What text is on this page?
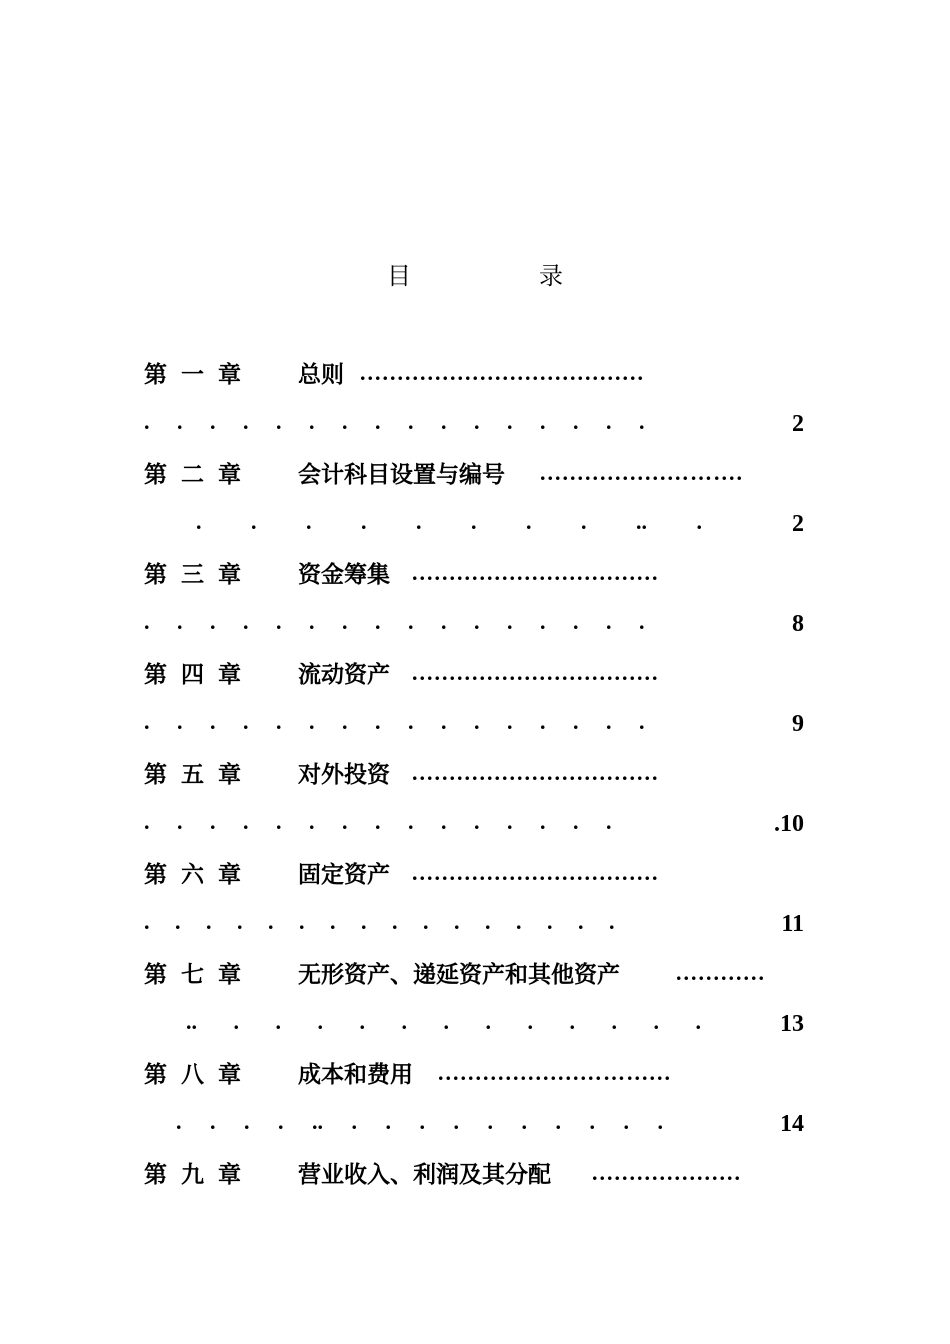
目	录
第一章 总则 ......................................
. . . . . . . . . . . . . . . .	2
第二章 会计科目设置与编号 ....................…....
. . . . . . . . .. .	2
第三章 资金筹集 .................................
. . . . . . . . . . . . . . . .	8
第四章 流动资产 .................................
. . . . . . . . . . . . . . . .	9
第五章 对外投资 .................................
. . . . . . . . . . . . . . .	.10
第六章 固定资产 .................................
. . . . . . . . . . . . . . . .	11
第七章 无形资产、递延资产和其他资产	............
.. . . . . . . . . . . . .	13
第八章 成本和费用 ......................…......
. . . . .. . . . . . . . . . .	14
第九章 营业收入、利润及其分配 ....................
